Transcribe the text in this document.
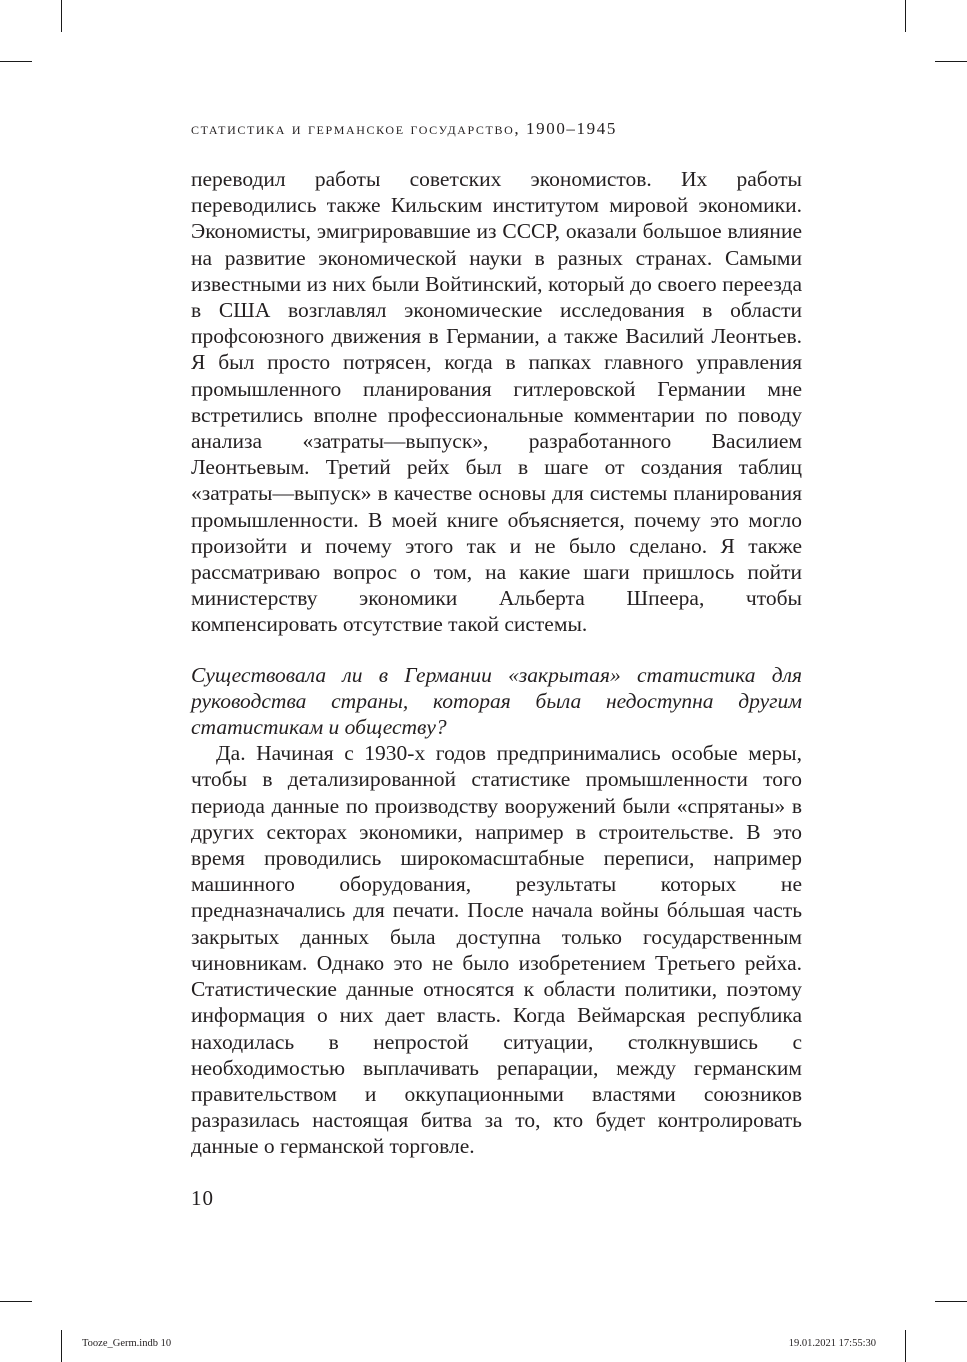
статистика и германское государство, 1900–1945

переводил работы советских экономистов. Их работы переводились также Кильским институтом мировой экономики. Экономисты, эмигрировавшие из СССР, оказали большое влияние на развитие экономической науки в разных странах. Самыми известными из них были Войтинский, который до своего переезда в США возглавлял экономические исследования в области профсоюзного движения в Германии, а также Василий Леонтьев. Я был просто потрясен, когда в папках главного управления промышленного планирования гитлеровской Германии мне встретились вполне профессиональные комментарии по поводу анализа «затраты—выпуск», разработанного Василием Леонтьевым. Третий рейх был в шаге от создания таблиц «затраты—выпуск» в качестве основы для системы планирования промышленности. В моей книге объясняется, почему это могло произойти и почему этого так и не было сделано. Я также рассматриваю вопрос о том, на какие шаги пришлось пойти министерству экономики Альберта Шпеера, чтобы компенсировать отсутствие такой системы.

Существовала ли в Германии «закрытая» статистика для руководства страны, которая была недоступна другим статистикам и обществу?

Да. Начиная с 1930-х годов предпринимались особые меры, чтобы в детализированной статистике промышленности того периода данные по производству вооружений были «спрятаны» в других секторах экономики, например в строительстве. В это время проводились широкомасштабные переписи, например машинного оборудования, результаты которых не предназначались для печати. После начала войны бóльшая часть закрытых данных была доступна только государственным чиновникам. Однако это не было изобретением Третьего рейха. Статистические данные относятся к области политики, поэтому информация о них дает власть. Когда Веймарская республика находилась в непростой ситуации, столкнувшись с необходимостью выплачивать репарации, между германским правительством и оккупационными властями союзников разразилась настоящая битва за то, кто будет контролировать данные о германской торговле.

10
Tooze_Germ.indb 10	19.01.2021 17:55:30
